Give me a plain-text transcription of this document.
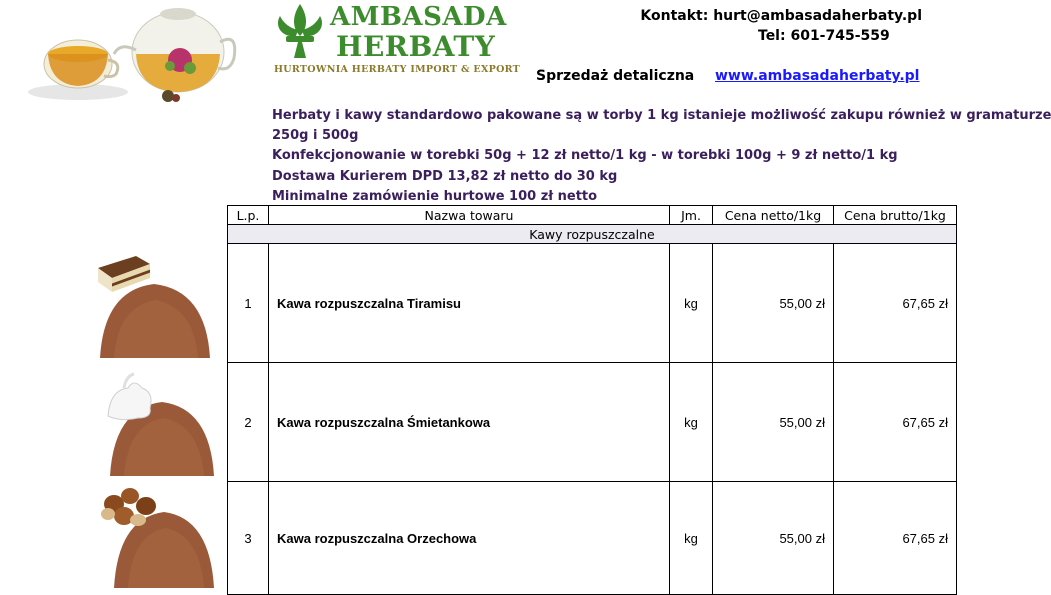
AMBASADA
HERBATY
HURTOWNIA HERBATY IMPORT & EXPORT
Kontakt: hurt@ambasadaherbaty.pl
Tel: 601-745-559
Sprzedaż detaliczna www.ambasadaherbaty.pl
Herbaty i kawy standardowo pakowane są w torby 1 kg istanieje możliwość zakupu również w gramaturze
250g i 500g
Konfekcjonowanie w torebki 50g + 12 zł netto/1 kg - w torebki 100g + 9 zł netto/1 kg
Dostawa Kurierem DPD 13,82 zł netto do 30 kg
Minimalne zamówienie hurtowe 100 zł netto
L.p.	Nazwa towaru	Jm.	Cena netto/1kg	Cena brutto/1kg
Kawy rozpuszczalne
1	Kawa rozpuszczalna Tiramisu	kg	55,00 zł	67,65 zł
2	Kawa rozpuszczalna Śmietankowa	kg	55,00 zł	67,65 zł
3	Kawa rozpuszczalna Orzechowa	kg	55,00 zł	67,65 zł
